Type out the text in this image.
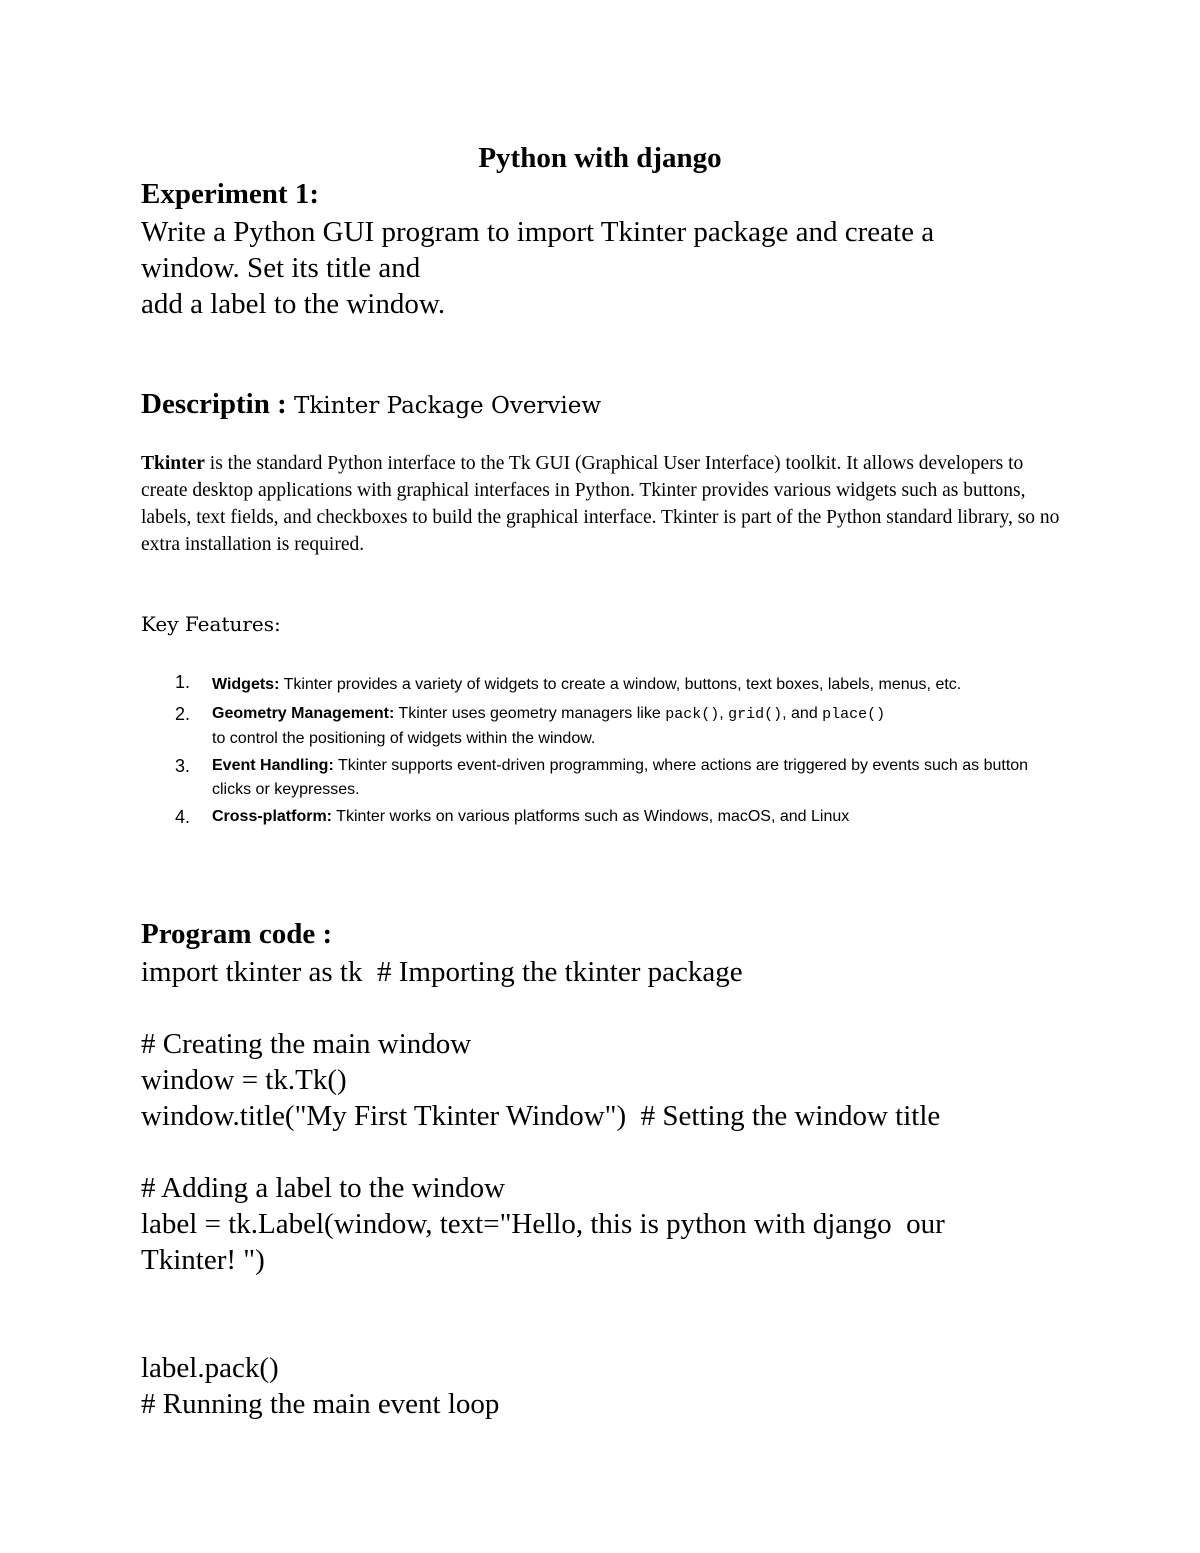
Python with django
Experiment 1:
Write a Python GUI program to import Tkinter package and create a
window. Set its title and
add a label to the window.
Descriptin : Tkinter Package Overview
Tkinter is the standard Python interface to the Tk GUI (Graphical User Interface) toolkit. It allows developers to create desktop applications with graphical interfaces in Python. Tkinter provides various widgets such as buttons, labels, text fields, and checkboxes to build the graphical interface. Tkinter is part of the Python standard library, so no extra installation is required.
Key Features:
1. Widgets: Tkinter provides a variety of widgets to create a window, buttons, text boxes, labels, menus, etc.
2. Geometry Management: Tkinter uses geometry managers like pack(), grid(), and place()
to control the positioning of widgets within the window.
3. Event Handling: Tkinter supports event-driven programming, where actions are triggered by events such as button clicks or keypresses.
4. Cross-platform: Tkinter works on various platforms such as Windows, macOS, and Linux
Program code :
import tkinter as tk  # Importing the tkinter package
# Creating the main window
window = tk.Tk()
window.title("My First Tkinter Window")  # Setting the window title
# Adding a label to the window
label = tk.Label(window, text="Hello, this is python with django  our
Tkinter! ")
label.pack()
# Running the main event loop
